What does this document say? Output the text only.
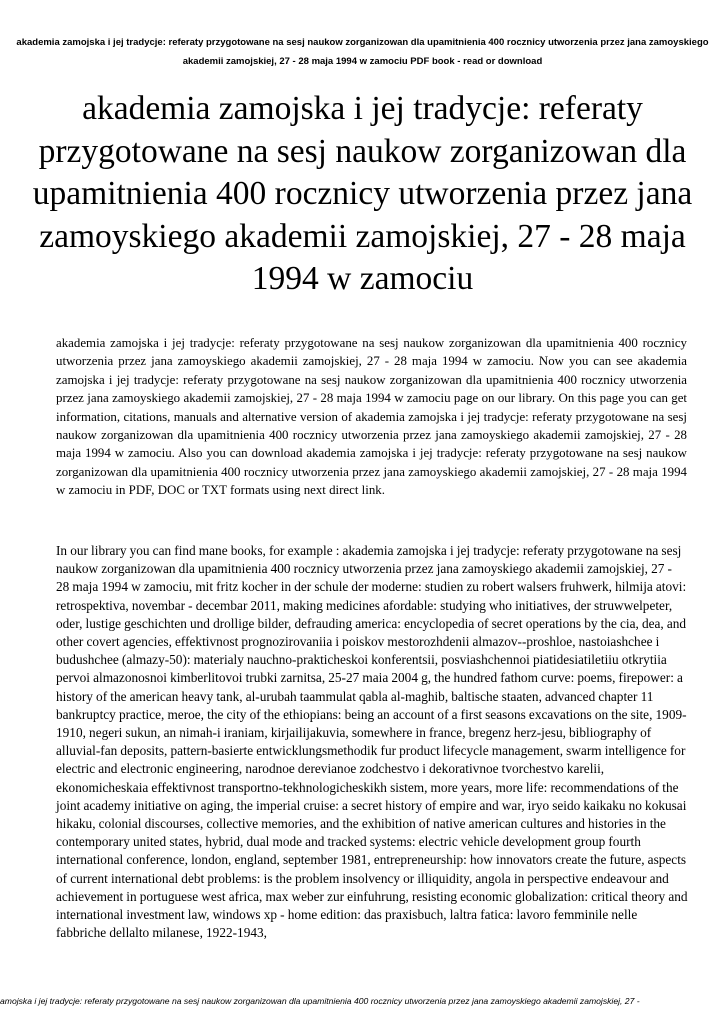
akademia zamojska i jej tradycje: referaty przygotowane na sesj naukow zorganizowan dla upamitnienia 400 rocznicy utworzenia przez jana zamoyskiego akademii zamojskiej, 27 - 28 maja 1994 w zamociu PDF book - read or download
akademia zamojska i jej tradycje: referaty przygotowane na sesj naukow zorganizowan dla upamitnienia 400 rocznicy utworzenia przez jana zamoyskiego akademii zamojskiej, 27 - 28 maja 1994 w zamociu

akademia zamojska i jej tradycje: referaty przygotowane na sesj naukow zorganizowan dla upamitnienia 400 rocznicy utworzenia przez jana zamoyskiego akademii zamojskiej, 27 - 28 maja 1994 w zamociu. Now you can see akademia zamojska i jej tradycje: referaty przygotowane na sesj naukow zorganizowan dla upamitnienia 400 rocznicy utworzenia przez jana zamoyskiego akademii zamojskiej, 27 - 28 maja 1994 w zamociu page on our library. On this page you can get information, citations, manuals and alternative version of akademia zamojska i jej tradycje: referaty przygotowane na sesj naukow zorganizowan dla upamitnienia 400 rocznicy utworzenia przez jana zamoyskiego akademii zamojskiej, 27 - 28 maja 1994 w zamociu. Also you can download akademia zamojska i jej tradycje: referaty przygotowane na sesj naukow zorganizowan dla upamitnienia 400 rocznicy utworzenia przez jana zamoyskiego akademii zamojskiej, 27 - 28 maja 1994 w zamociu in PDF, DOC or TXT formats using next direct link.

In our library you can find mane books, for example : akademia zamojska i jej tradycje: referaty przygotowane na sesj naukow zorganizowan dla upamitnienia 400 rocznicy utworzenia przez jana zamoyskiego akademii zamojskiej, 27 - 28 maja 1994 w zamociu, mit fritz kocher in der schule der moderne: studien zu robert walsers fruhwerk, hilmija atovi: retrospektiva, novembar - decembar 2011, making medicines afordable: studying who initiatives, der struwwelpeter, oder, lustige geschichten und drollige bilder, defrauding america: encyclopedia of secret operations by the cia, dea, and other covert agencies, effektivnost prognozirovaniia i poiskov mestorozhdenii almazov--proshloe, nastoiashchee i budushchee (almazy-50): materialy nauchno-prakticheskoi konferentsii, posviashchennoi piatidesiatiletiiu otkrytiia pervoi almazonosnoi kimberlitovoi trubki zarnitsa, 25-27 maia 2004 g, the hundred fathom curve: poems, firepower: a history of the american heavy tank, al-urubah taammulat qabla al-maghib, baltische staaten, advanced chapter 11 bankruptcy practice, meroe, the city of the ethiopians: being an account of a first seasons excavations on the site, 1909-1910, negeri sukun, an nimah-i iraniam, kirjailijakuvia, somewhere in france, bregenz herz-jesu, bibliography of alluvial-fan deposits, pattern-basierte entwicklungsmethodik fur product lifecycle management, swarm intelligence for electric and electronic engineering, narodnoe derevianoe zodchestvo i dekorativnoe tvorchestvo karelii, ekonomicheskaia effektivnost transportno-tekhnologicheskikh sistem, more years, more life: recommendations of the joint academy initiative on aging, the imperial cruise: a secret history of empire and war, iryo seido kaikaku no kokusai hikaku, colonial discourses, collective memories, and the exhibition of native american cultures and histories in the contemporary united states, hybrid, dual mode and tracked systems: electric vehicle development group fourth international conference, london, england, september 1981, entrepreneurship: how innovators create the future, aspects of current international debt problems: is the problem insolvency or illiquidity, angola in perspective endeavour and achievement in portuguese west africa, max weber zur einfuhrung, resisting economic globalization: critical theory and international investment law, windows xp - home edition: das praxisbuch, laltra fatica: lavoro femminile nelle fabbriche dellalto milanese, 1922-1943,

amojska i jej tradycje: referaty przygotowane na sesj naukow zorganizowan dla upamitnienia 400 rocznicy utworzenia przez jana zamoyskiego akademii zamojskiej, 27 -
